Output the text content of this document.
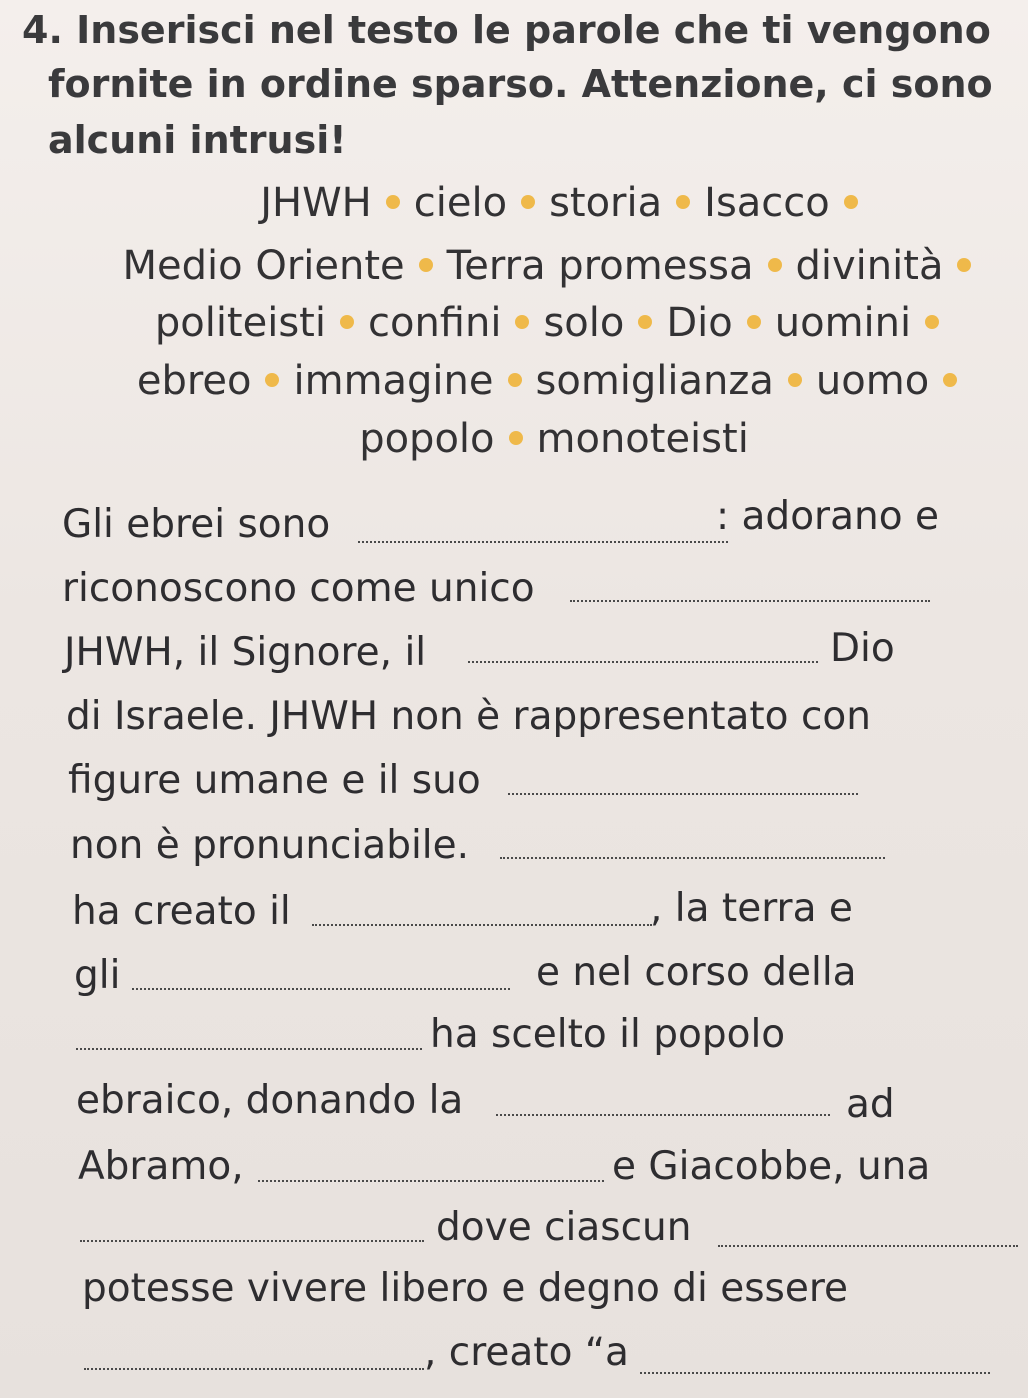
4. Inserisci nel testo le parole che ti vengono
fornite in ordine sparso. Attenzione, ci sono
alcuni intrusi!
JHWH cielo storia Isacco
Medio Oriente Terra promessa divinità
politeisti confini solo Dio uomini
ebreo immagine somiglianza uomo
popolo monoteisti
Gli ebrei sono	: adorano e
riconoscono come unico
JHWH, il Signore, il	Dio
di Israele. JHWH non è rappresentato con
figure umane e il suo
non è pronunciabile.
ha creato il	, la terra e
gli	e nel corso della
ha scelto il popolo
ebraico, donando la	ad
Abramo,	e Giacobbe, una
dove ciascun
potesse vivere libero e degno di essere
, creato “a
